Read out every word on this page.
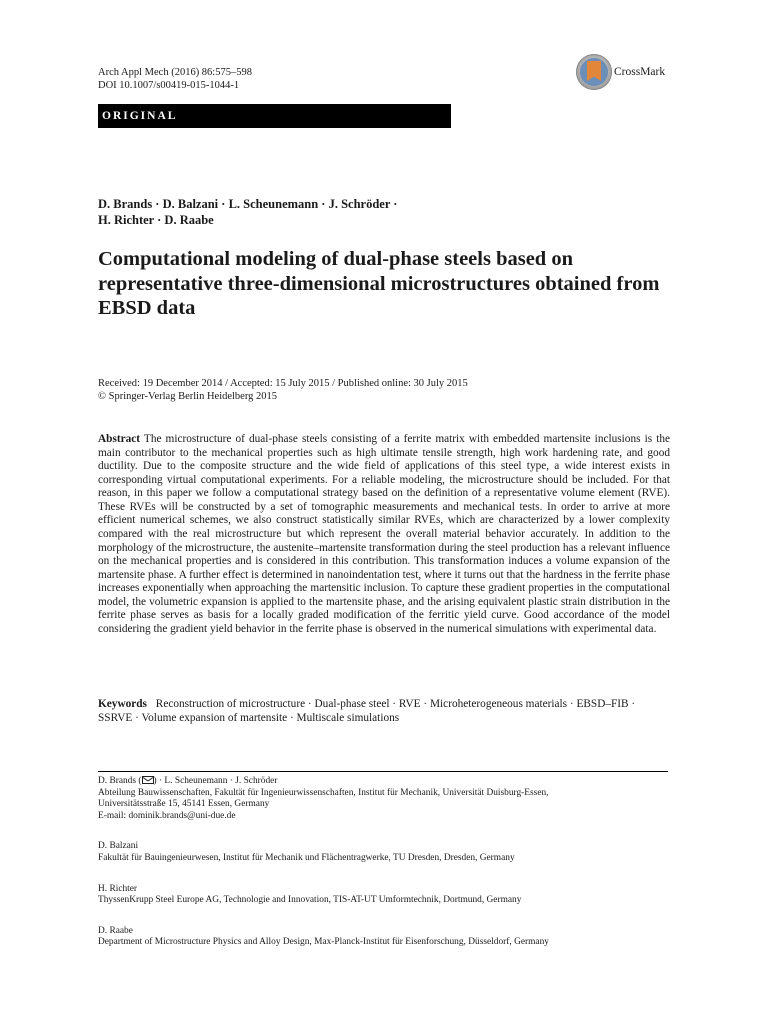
Arch Appl Mech (2016) 86:575–598
DOI 10.1007/s00419-015-1044-1
CrossMark
ORIGINAL
D. Brands · D. Balzani · L. Scheunemann · J. Schröder ·
H. Richter · D. Raabe
Computational modeling of dual-phase steels based on representative three-dimensional microstructures obtained from EBSD data
Received: 19 December 2014 / Accepted: 15 July 2015 / Published online: 30 July 2015
© Springer-Verlag Berlin Heidelberg 2015
Abstract The microstructure of dual-phase steels consisting of a ferrite matrix with embedded martensite inclusions is the main contributor to the mechanical properties such as high ultimate tensile strength, high work hardening rate, and good ductility. Due to the composite structure and the wide field of applications of this steel type, a wide interest exists in corresponding virtual computational experiments. For a reliable modeling, the microstructure should be included. For that reason, in this paper we follow a computational strategy based on the definition of a representative volume element (RVE). These RVEs will be constructed by a set of tomographic measurements and mechanical tests. In order to arrive at more efficient numerical schemes, we also construct statistically similar RVEs, which are characterized by a lower complexity compared with the real microstructure but which represent the overall material behavior accurately. In addition to the morphology of the microstructure, the austenite–martensite transformation during the steel production has a relevant influence on the mechanical properties and is considered in this contribution. This transformation induces a volume expansion of the martensite phase. A further effect is determined in nanoindentation test, where it turns out that the hardness in the ferrite phase increases exponentially when approaching the martensitic inclusion. To capture these gradient properties in the computational model, the volumetric expansion is applied to the martensite phase, and the arising equivalent plastic strain distribution in the ferrite phase serves as basis for a locally graded modification of the ferritic yield curve. Good accordance of the model considering the gradient yield behavior in the ferrite phase is observed in the numerical simulations with experimental data.
Keywords Reconstruction of microstructure · Dual-phase steel · RVE · Microheterogeneous materials · EBSD–FIB · SSRVE · Volume expansion of martensite · Multiscale simulations
D. Brands ( ) · L. Scheunemann · J. Schröder
Abteilung Bauwissenschaften, Fakultät für Ingenieurwissenschaften, Institut für Mechanik, Universität Duisburg-Essen,
Universitätsstraße 15, 45141 Essen, Germany
E-mail: dominik.brands@uni-due.de
D. Balzani
Fakultät für Bauingenieurwesen, Institut für Mechanik und Flächentragwerke, TU Dresden, Dresden, Germany
H. Richter
ThyssenKrupp Steel Europe AG, Technologie and Innovation, TIS-AT-UT Umformtechnik, Dortmund, Germany
D. Raabe
Department of Microstructure Physics and Alloy Design, Max-Planck-Institut für Eisenforschung, Düsseldorf, Germany
